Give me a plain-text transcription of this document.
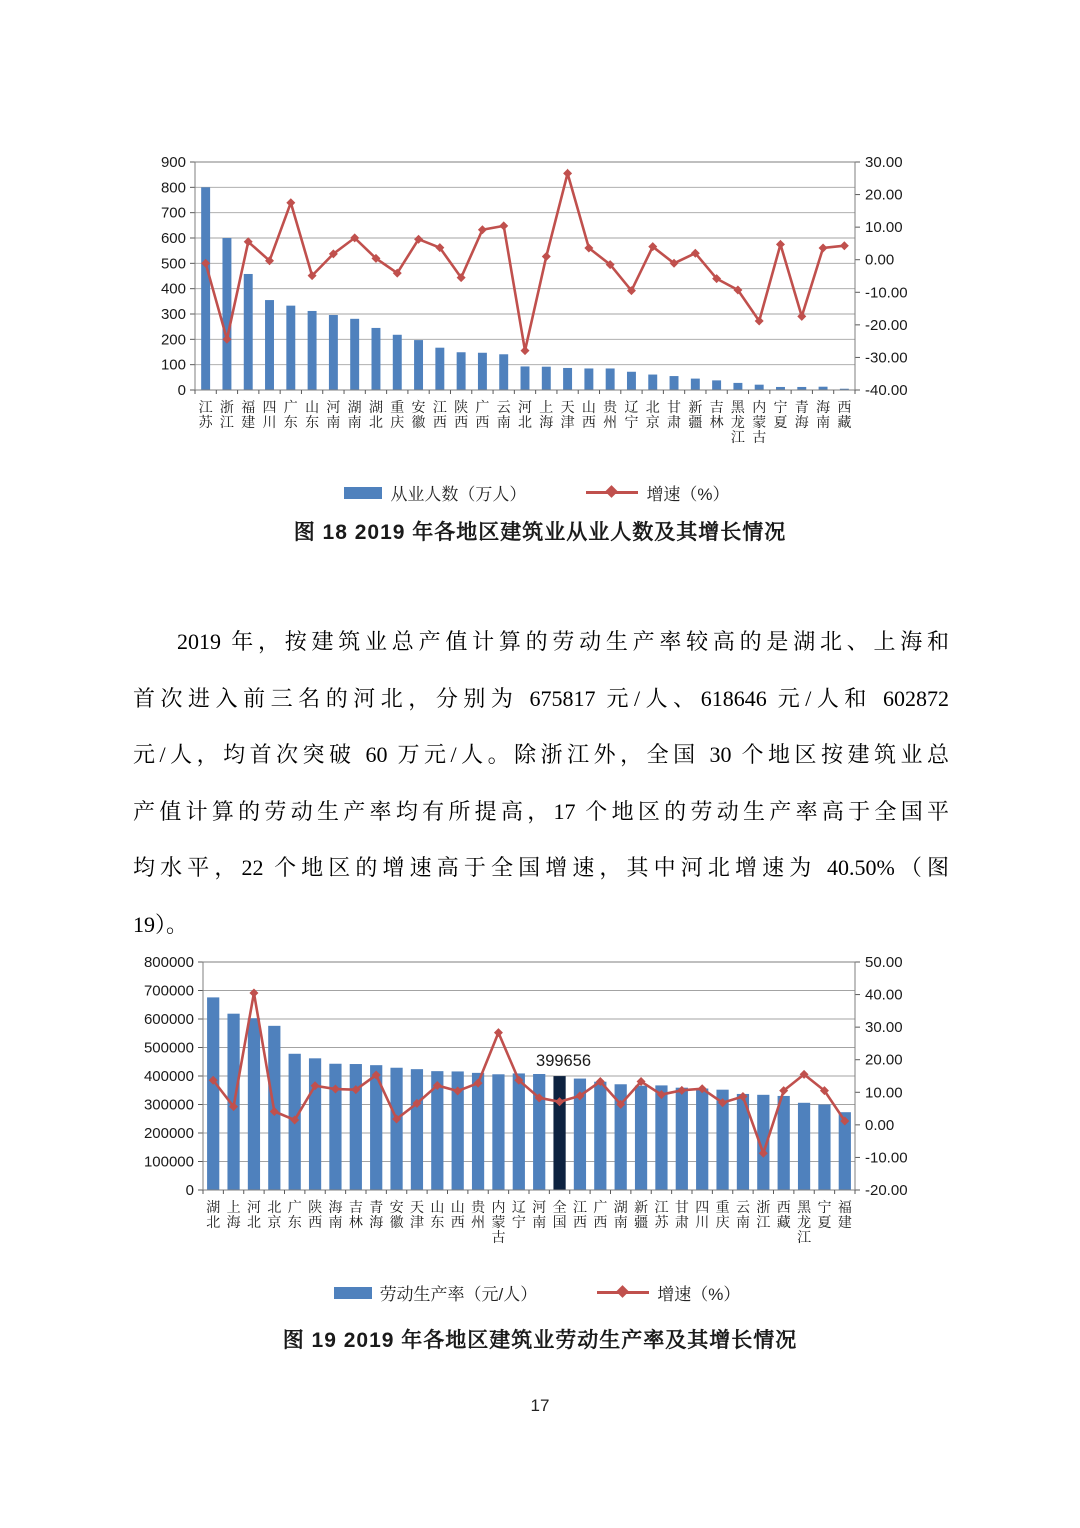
0
100
200
300
400
500
600
700
800
900
-40.00
-30.00
-20.00
-10.00
0.00
10.00
20.00
30.00
江
苏
浙
江
福
建
四
川
广
东
山
东
河
南
湖
南
湖
北
重
庆
安
徽
江
西
陕
西
广
西
云
南
河
北
上
海
天
津
山
西
贵
州
辽
宁
北
京
甘
肃
新
疆
吉
林
黑
龙
江
内
蒙
古
宁
夏
青
海
海
南
西
藏
从业人数（万人）	增速（%）
图 18 2019 年各地区建筑业从业人数及其增长情况
2019 年，按建筑业总产值计算的劳动生产率较高的是湖北、上海和
首次进入前三名的河北，分别为 675817 元/人、618646 元/人和 602872
元/人，均首次突破 60 万元/人。除浙江外，全国 30 个地区按建筑业总
产值计算的劳动生产率均有所提高，17 个地区的劳动生产率高于全国平
均水平，22 个地区的增速高于全国增速，其中河北增速为 40.50%（图
19）。
0
100000
200000
300000
400000
500000
600000
700000
800000
-20.00
-10.00
0.00
10.00
20.00
30.00
40.00
50.00
399656
湖
北
上
海
河
北
北
京
广
东
陕
西
海
南
吉
林
青
海
安
徽
天
津
山
东
山
西
贵
州
内
蒙
古
辽
宁
河
南
全
国
江
西
广
西
湖
南
新
疆
江
苏
甘
肃
四
川
重
庆
云
南
浙
江
西
藏
黑
龙
江
宁
夏
福
建
劳动生产率（元/人）	增速（%）
图 19 2019 年各地区建筑业劳动生产率及其增长情况
17
